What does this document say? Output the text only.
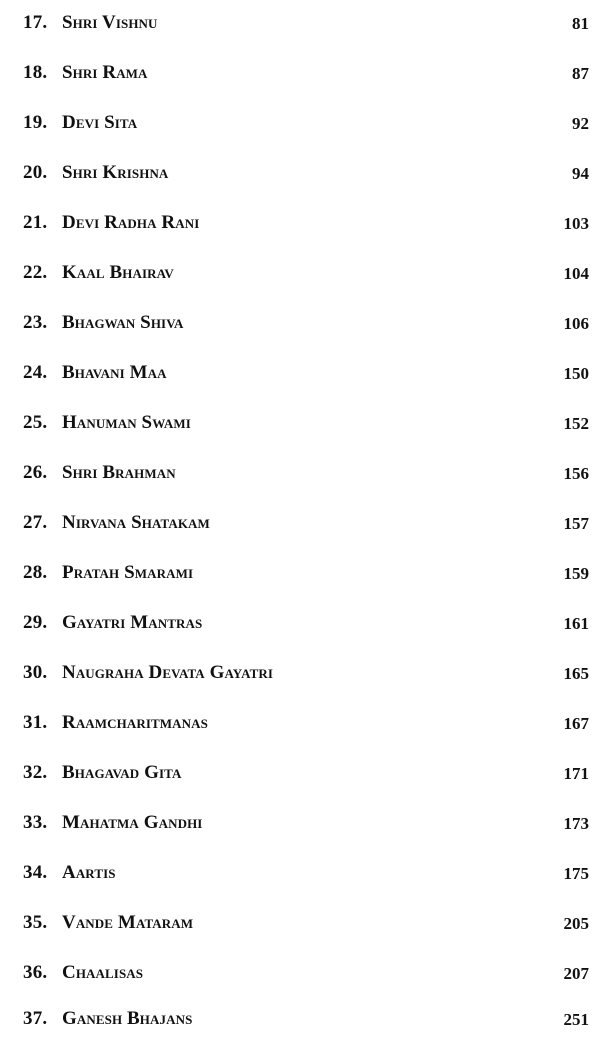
17. Shri Vishnu	81
18. Shri Rama	87
19. Devi Sita	92
20. Shri Krishna	94
21. Devi Radha Rani	103
22. Kaal Bhairav	104
23. Bhagwan Shiva	106
24. Bhavani Maa	150
25. Hanuman Swami	152
26. Shri Brahman	156
27. Nirvana Shatakam	157
28. Pratah Smarami	159
29. Gayatri Mantras	161
30. Naugraha Devata Gayatri	165
31. Raamcharitmanas	167
32. Bhagavad Gita	171
33. Mahatma Gandhi	173
34. Aartis	175
35. Vande Mataram	205
36. Chaalisas	207
37. Ganesh Bhajans	251
